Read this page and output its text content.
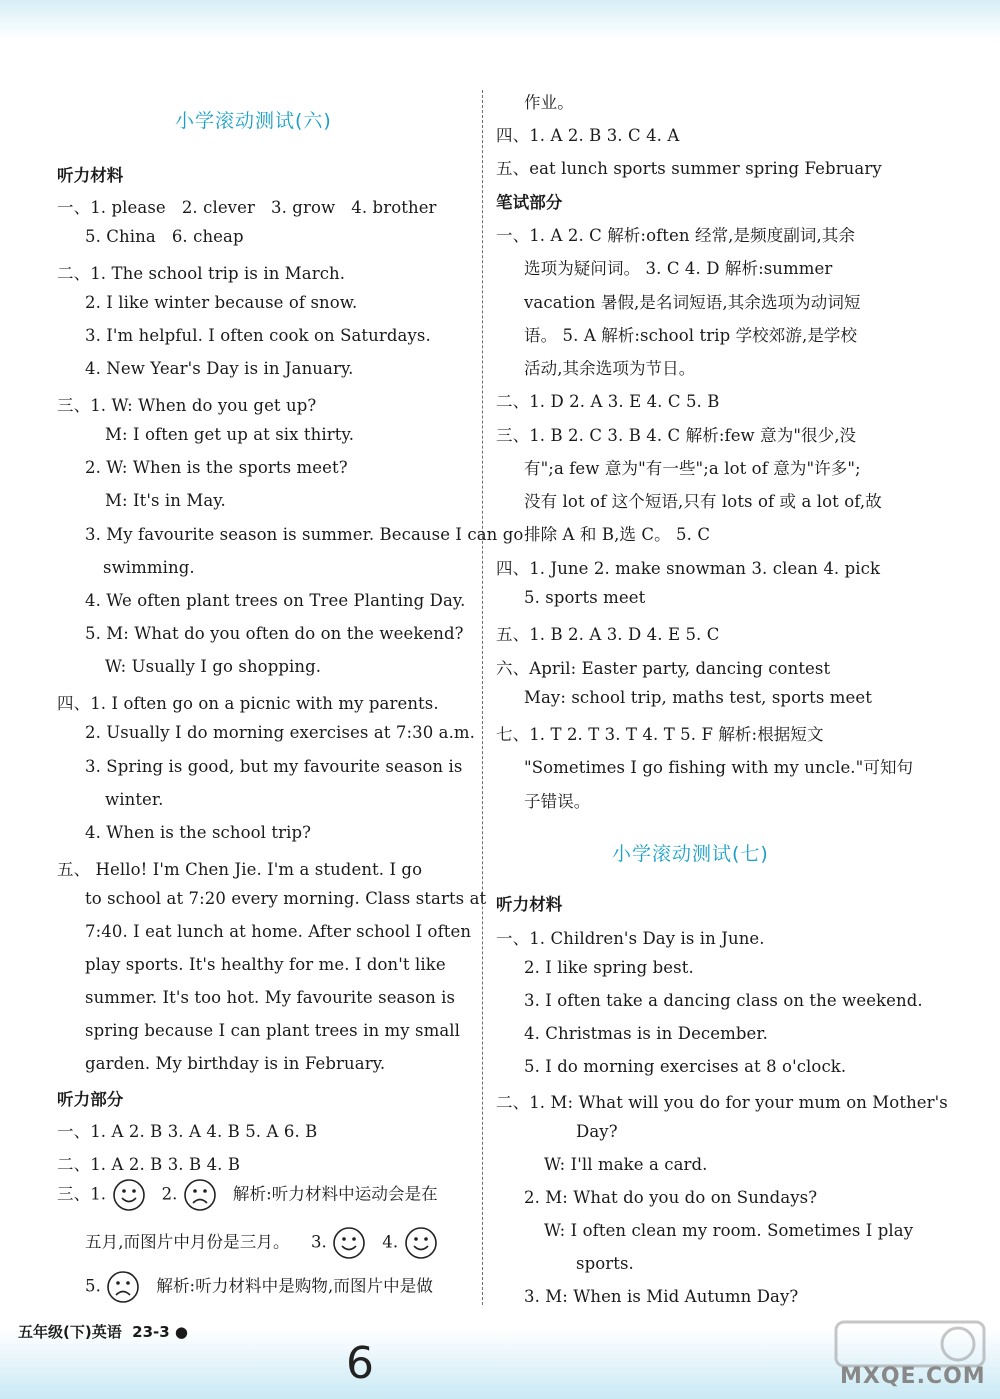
小学滚动测试(六)
听力材料
一、1. please 2. clever 3. grow 4. brother
5. China 6. cheap
二、1. The school trip is in March.
2. I like winter because of snow.
3. I'm helpful. I often cook on Saturdays.
4. New Year's Day is in January.
三、1. W: When do you get up?
M: I often get up at six thirty.
2. W: When is the sports meet?
M: It's in May.
3. My favourite season is summer. Because I can go
swimming.
4. We often plant trees on Tree Planting Day.
5. M: What do you often do on the weekend?
W: Usually I go shopping.
四、1. I often go on a picnic with my parents.
2. Usually I do morning exercises at 7:30 a.m.
3. Spring is good, but my favourite season is
winter.
4. When is the school trip?
五、 Hello! I'm Chen Jie. I'm a student. I go
to school at 7:20 every morning. Class starts at
7:40. I eat lunch at home. After school I often
play sports. It's healthy for me. I don't like
summer. It's too hot. My favourite season is
spring because I can plant trees in my small
garden. My birthday is in February.
听力部分
一、1. A 2. B 3. A 4. B 5. A 6. B
二、1. A 2. B 3. B 4. B
三、1.	2.	解析:听力材料中运动会是在
五月,而图片中月份是三月。 3.	4.
5.	解析:听力材料中是购物,而图片中是做
作业。
四、1. A 2. B 3. C 4. A
五、eat lunch sports summer spring February
笔试部分
一、1. A 2. C 解析:often 经常,是频度副词,其余
选项为疑问词。 3. C 4. D 解析:summer
vacation 暑假,是名词短语,其余选项为动词短
语。 5. A 解析:school trip 学校郊游,是学校
活动,其余选项为节日。
二、1. D 2. A 3. E 4. C 5. B
三、1. B 2. C 3. B 4. C 解析:few 意为"很少,没
有";a few 意为"有一些";a lot of 意为"许多";
没有 lot of 这个短语,只有 lots of 或 a lot of,故
排除 A 和 B,选 C。 5. C
四、1. June 2. make snowman 3. clean 4. pick
5. sports meet
五、1. B 2. A 3. D 4. E 5. C
六、April: Easter party, dancing contest
May: school trip, maths test, sports meet
七、1. T 2. T 3. T 4. T 5. F 解析:根据短文
"Sometimes I go fishing with my uncle."可知句
子错误。
小学滚动测试(七)
听力材料
一、1. Children's Day is in June.
2. I like spring best.
3. I often take a dancing class on the weekend.
4. Christmas is in December.
5. I do morning exercises at 8 o'clock.
二、1. M: What will you do for your mum on Mother's
Day?
W: I'll make a card.
2. M: What do you do on Sundays?
W: I often clean my room. Sometimes I play
sports.
3. M: When is Mid Autumn Day?
五年级(下)英语 23-3 ●
6	MXQE.COM
